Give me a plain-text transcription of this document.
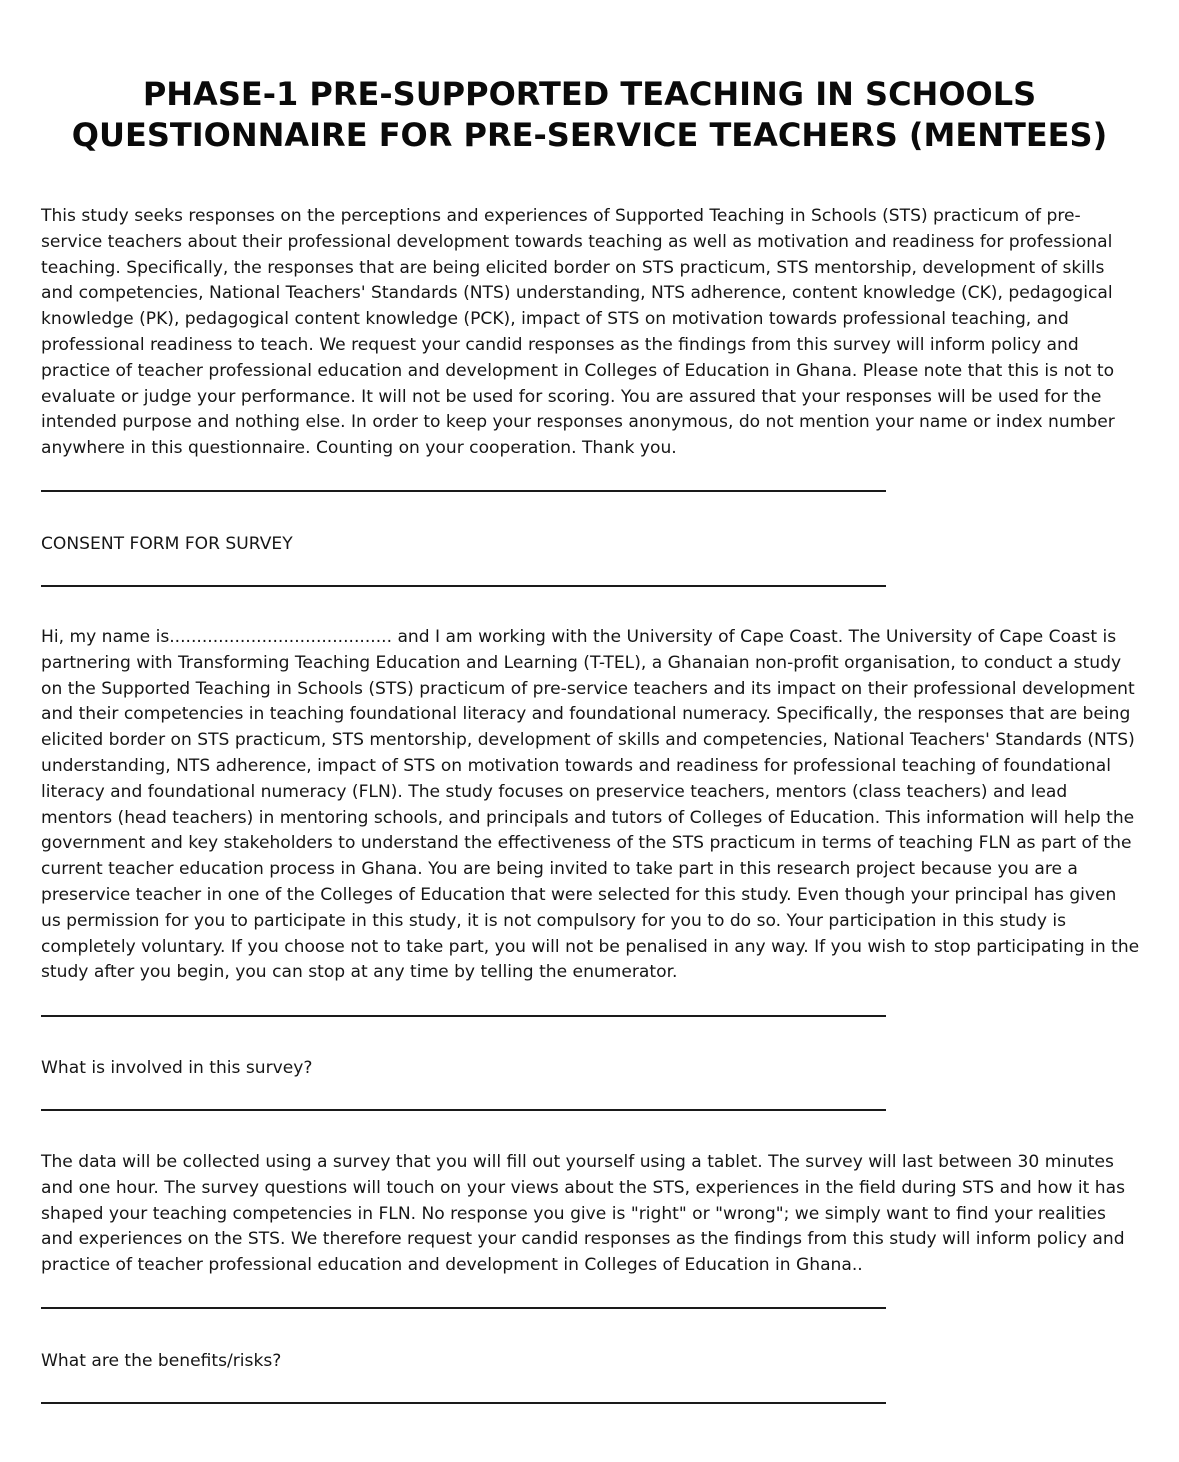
PHASE-1 PRE-SUPPORTED TEACHING IN SCHOOLS
QUESTIONNAIRE FOR PRE-SERVICE TEACHERS (MENTEES)

This study seeks responses on the perceptions and experiences of Supported Teaching in Schools (STS) practicum of pre-service teachers about their professional development towards teaching as well as motivation and readiness for professional teaching. Specifically, the responses that are being elicited border on STS practicum, STS mentorship, development of skills and competencies, National Teachers' Standards (NTS) understanding, NTS adherence, content knowledge (CK), pedagogical knowledge (PK), pedagogical content knowledge (PCK), impact of STS on motivation towards professional teaching, and professional readiness to teach. We request your candid responses as the findings from this survey will inform policy and practice of teacher professional education and development in Colleges of Education in Ghana. Please note that this is not to evaluate or judge your performance. It will not be used for scoring. You are assured that your responses will be used for the intended purpose and nothing else. In order to keep your responses anonymous, do not mention your name or index number anywhere in this questionnaire. Counting on your cooperation. Thank you.

CONSENT FORM FOR SURVEY

Hi, my name is......................................... and I am working with the University of Cape Coast. The University of Cape Coast is partnering with Transforming Teaching Education and Learning (T-TEL), a Ghanaian non-profit organisation, to conduct a study on the Supported Teaching in Schools (STS) practicum of pre-service teachers and its impact on their professional development and their competencies in teaching foundational literacy and foundational numeracy. Specifically, the responses that are being elicited border on STS practicum, STS mentorship, development of skills and competencies, National Teachers' Standards (NTS) understanding, NTS adherence, impact of STS on motivation towards and readiness for professional teaching of foundational literacy and foundational numeracy (FLN). The study focuses on preservice teachers, mentors (class teachers) and lead mentors (head teachers) in mentoring schools, and principals and tutors of Colleges of Education. This information will help the government and key stakeholders to understand the effectiveness of the STS practicum in terms of teaching FLN as part of the current teacher education process in Ghana. You are being invited to take part in this research project because you are a preservice teacher in one of the Colleges of Education that were selected for this study. Even though your principal has given us permission for you to participate in this study, it is not compulsory for you to do so. Your participation in this study is completely voluntary. If you choose not to take part, you will not be penalised in any way. If you wish to stop participating in the study after you begin, you can stop at any time by telling the enumerator.

What is involved in this survey?

The data will be collected using a survey that you will fill out yourself using a tablet. The survey will last between 30 minutes and one hour. The survey questions will touch on your views about the STS, experiences in the field during STS and how it has shaped your teaching competencies in FLN. No response you give is "right" or "wrong"; we simply want to find your realities and experiences on the STS. We therefore request your candid responses as the findings from this study will inform policy and practice of teacher professional education and development in Colleges of Education in Ghana..

What are the benefits/risks?
